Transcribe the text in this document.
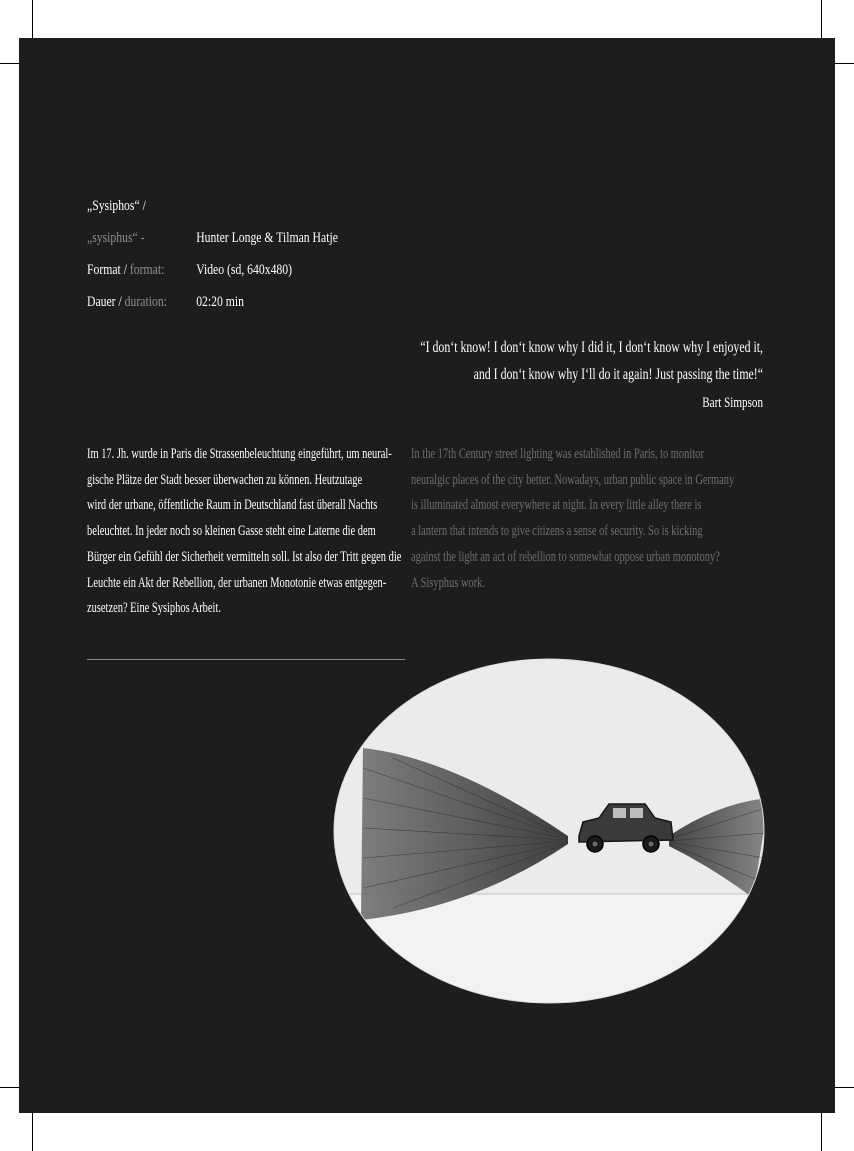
„Sysiphos“ /
„sysiphus“ -	Hunter Longe & Tilman Hatje
Format / format: Video (sd, 640x480)
Dauer / duration: 02:20 min
“I don‘t know! I don‘t know why I did it, I don‘t know why I enjoyed it,
and I don‘t know why I‘ll do it again! Just passing the time!“
Bart Simpson
Im 17. Jh. wurde in Paris die Strassenbeleuchtung eingeführt, um neural-
gische Plätze der Stadt besser überwachen zu können. Heutzutage
wird der urbane, öffentliche Raum in Deutschland fast überall Nachts
beleuchtet. In jeder noch so kleinen Gasse steht eine Laterne die dem
Bürger ein Gefühl der Sicherheit vermitteln soll. Ist also der Tritt gegen die
Leuchte ein Akt der Rebellion, der urbanen Monotonie etwas entgegen-
zusetzen? Eine Sysiphos Arbeit.
In the 17th Century street lighting was established in Paris, to monitor
neuralgic places of the city better. Nowadays, urban public space in Germany
is illuminated almost everywhere at night. In every little alley there is
a lantern that intends to give citizens a sense of security. So is kicking
against the light an act of rebellion to somewhat oppose urban monotony?
A Sisyphus work.
